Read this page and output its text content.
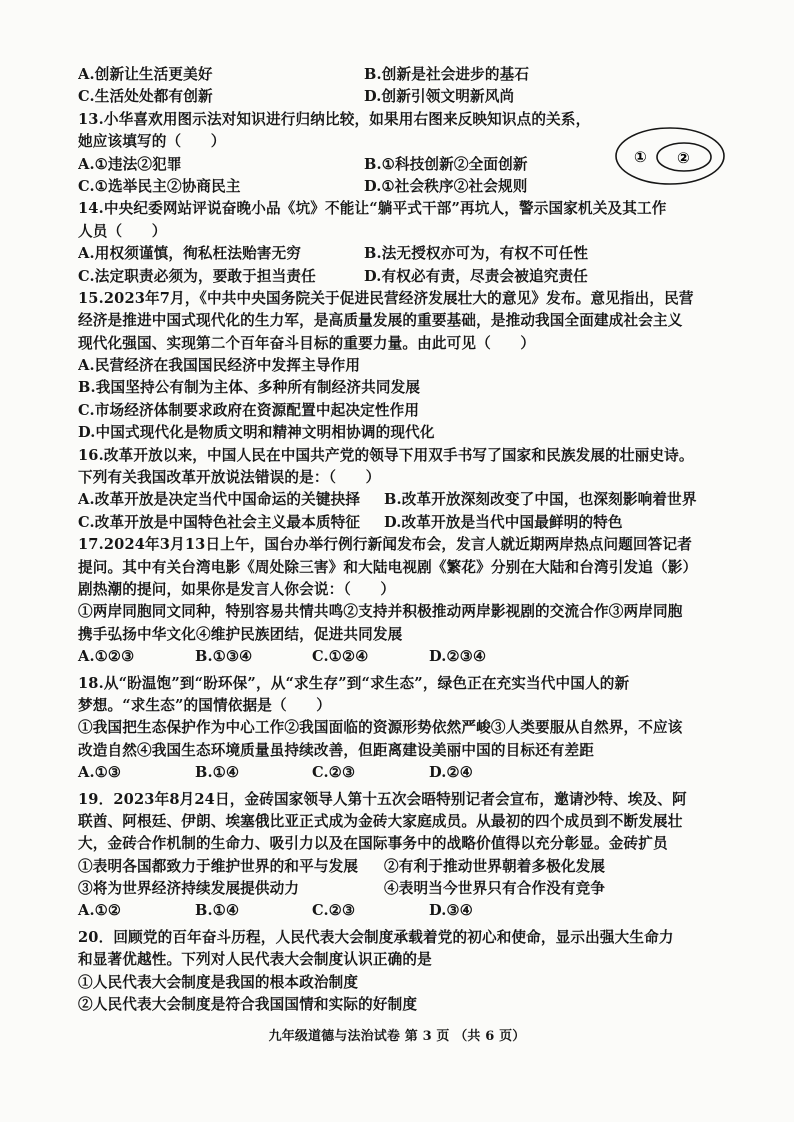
A.创新让生活更美好	B.创新是社会进步的基石
C.生活处处都有创新	D.创新引领文明新风尚
13.小华喜欢用图示法对知识进行归纳比较，如果用右图来反映知识点的关系，
她应该填写的（　　）
A.①违法②犯罪	B.①科技创新②全面创新
C.①选举民主②协商民主	D.①社会秩序②社会规则
14.中央纪委网站评说奋晚小品《坑》不能让“躺平式干部”再坑人，警示国家机关及其工作
人员（　　）
A.用权须谨慎，徇私枉法贻害无穷	B.法无授权亦可为，有权不可任性
C.法定职责必须为，要敢于担当责任	D.有权必有责，尽责会被追究责任
15.2023年7月，《中共中央国务院关于促进民营经济发展壮大的意见》发布。意见指出，民营
经济是推进中国式现代化的生力军，是高质量发展的重要基础，是推动我国全面建成社会主义
现代化强国、实现第二个百年奋斗目标的重要力量。由此可见（　　）
A.民营经济在我国国民经济中发挥主导作用
B.我国坚持公有制为主体、多种所有制经济共同发展
C.市场经济体制要求政府在资源配置中起决定性作用
D.中国式现代化是物质文明和精神文明相协调的现代化
16.改革开放以来，中国人民在中国共产党的领导下用双手书写了国家和民族发展的壮丽史诗。
下列有关我国改革开放说法错误的是：（　　）
A.改革开放是决定当代中国命运的关键抉择	B.改革开放深刻改变了中国，也深刻影响着世界
C.改革开放是中国特色社会主义最本质特征	D.改革开放是当代中国最鲜明的特色
17.2024年3月13日上午，国台办举行例行新闻发布会，发言人就近期两岸热点问题回答记者
提问。其中有关台湾电影《周处除三害》和大陆电视剧《繁花》分别在大陆和台湾引发追（影）
剧热潮的提问，如果你是发言人你会说：（　　）
①两岸同胞同文同种，特别容易共情共鸣②支持并积极推动两岸影视剧的交流合作③两岸同胞
携手弘扬中华文化④维护民族团结，促进共同发展
A.①②③	B.①③④	C.①②④	D.②③④
18.从“盼温饱”到“盼环保”，从“求生存”到“求生态”，绿色正在充实当代中国人的新
梦想。“求生态”的国情依据是（　　）
①我国把生态保护作为中心工作②我国面临的资源形势依然严峻③人类要服从自然界，不应该
改造自然④我国生态环境质量虽持续改善，但距离建设美丽中国的目标还有差距
A.①③	B.①④	C.②③	D.②④
19．2023年8月24日，金砖国家领导人第十五次会晤特别记者会宣布，邀请沙特、埃及、阿
联酋、阿根廷、伊朗、埃塞俄比亚正式成为金砖大家庭成员。从最初的四个成员到不断发展壮
大，金砖合作机制的生命力、吸引力以及在国际事务中的战略价值得以充分彰显。金砖扩员
①表明各国都致力于维护世界的和平与发展	②有利于推动世界朝着多极化发展
③将为世界经济持续发展提供动力	④表明当今世界只有合作没有竞争
A.①②	B.①④	C.②③	D.③④
20．回顾党的百年奋斗历程，人民代表大会制度承载着党的初心和使命，显示出强大生命力
和显著优越性。下列对人民代表大会制度认识正确的是
①人民代表大会制度是我国的根本政治制度
②人民代表大会制度是符合我国国情和实际的好制度
① ②
九年级道德与法治试卷 第 3 页 （共 6 页）
